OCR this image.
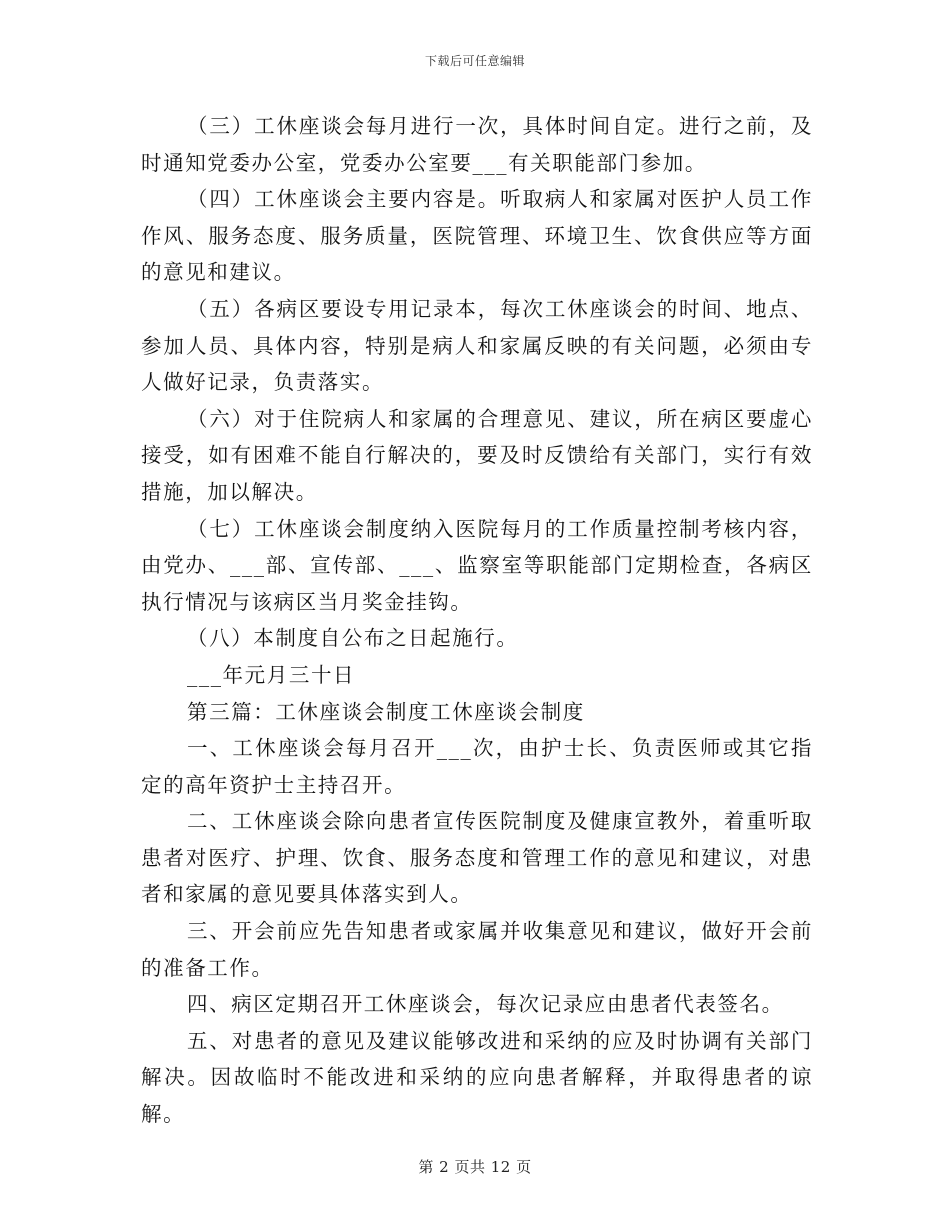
下载后可任意编辑

（三）工休座谈会每月进行一次，具体时间自定。进行之前，及时通知党委办公室，党委办公室要___有关职能部门参加。

（四）工休座谈会主要内容是。听取病人和家属对医护人员工作作风、服务态度、服务质量，医院管理、环境卫生、饮食供应等方面的意见和建议。

（五）各病区要设专用记录本，每次工休座谈会的时间、地点、参加人员、具体内容，特别是病人和家属反映的有关问题，必须由专人做好记录，负责落实。

（六）对于住院病人和家属的合理意见、建议，所在病区要虚心接受，如有困难不能自行解决的，要及时反馈给有关部门，实行有效措施，加以解决。

（七）工休座谈会制度纳入医院每月的工作质量控制考核内容，由党办、___部、宣传部、___、监察室等职能部门定期检查，各病区执行情况与该病区当月奖金挂钩。

（八）本制度自公布之日起施行。

___年元月三十日

第三篇：工休座谈会制度工休座谈会制度

一、工休座谈会每月召开___次，由护士长、负责医师或其它指定的高年资护士主持召开。

二、工休座谈会除向患者宣传医院制度及健康宣教外，着重听取患者对医疗、护理、饮食、服务态度和管理工作的意见和建议，对患者和家属的意见要具体落实到人。

三、开会前应先告知患者或家属并收集意见和建议，做好开会前的准备工作。

四、病区定期召开工休座谈会，每次记录应由患者代表签名。

五、对患者的意见及建议能够改进和采纳的应及时协调有关部门解决。因故临时不能改进和采纳的应向患者解释，并取得患者的谅解。

第 2 页共 12 页
